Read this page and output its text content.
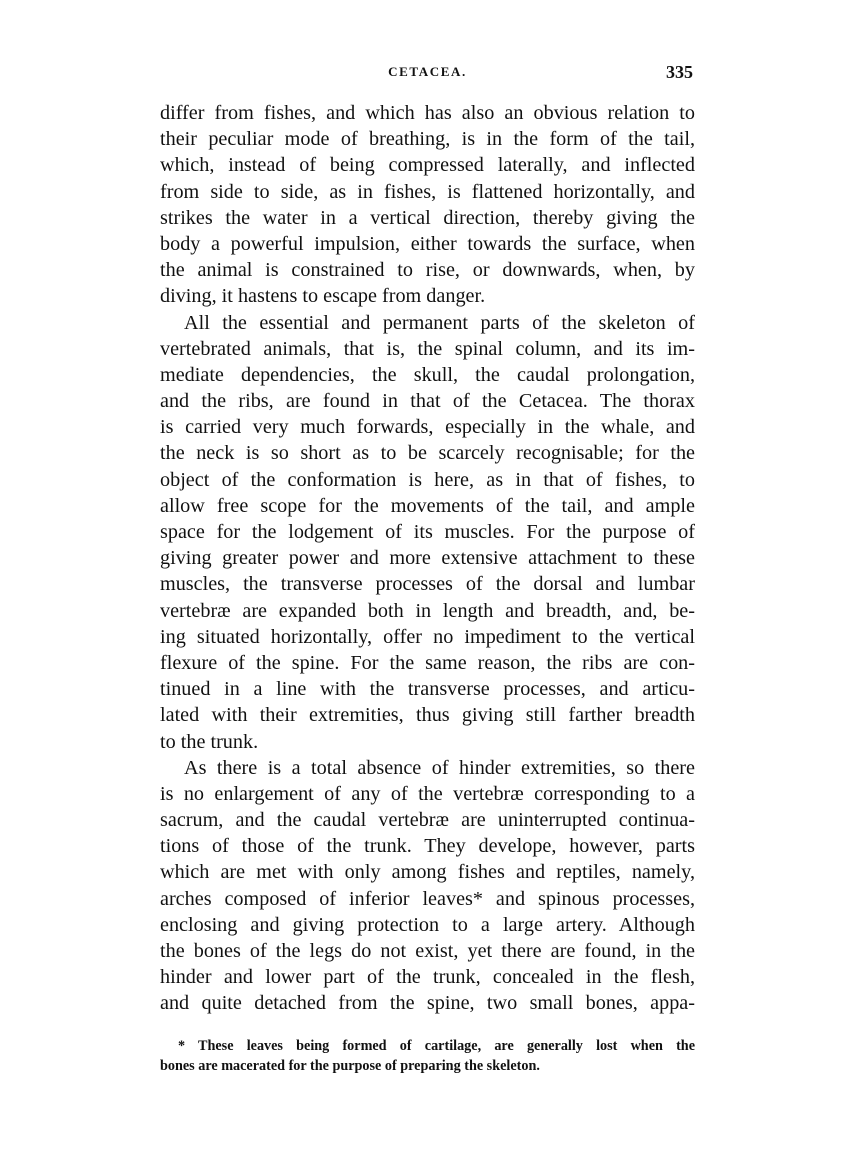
CETACEA.	335
differ from fishes, and which has also an obvious relation to
their peculiar mode of breathing, is in the form of the tail,
which, instead of being compressed laterally, and inflected
from side to side, as in fishes, is flattened horizontally, and
strikes the water in a vertical direction, thereby giving the
body a powerful impulsion, either towards the surface, when
the animal is constrained to rise, or downwards, when, by
diving, it hastens to escape from danger.
All the essential and permanent parts of the skeleton of
vertebrated animals, that is, the spinal column, and its im-
mediate dependencies, the skull, the caudal prolongation,
and the ribs, are found in that of the Cetacea. The thorax
is carried very much forwards, especially in the whale, and
the neck is so short as to be scarcely recognisable; for the
object of the conformation is here, as in that of fishes, to
allow free scope for the movements of the tail, and ample
space for the lodgement of its muscles. For the purpose of
giving greater power and more extensive attachment to these
muscles, the transverse processes of the dorsal and lumbar
vertebræ are expanded both in length and breadth, and, be-
ing situated horizontally, offer no impediment to the vertical
flexure of the spine. For the same reason, the ribs are con-
tinued in a line with the transverse processes, and articu-
lated with their extremities, thus giving still farther breadth
to the trunk.
As there is a total absence of hinder extremities, so there
is no enlargement of any of the vertebræ corresponding to a
sacrum, and the caudal vertebræ are uninterrupted continua-
tions of those of the trunk. They develope, however, parts
which are met with only among fishes and reptiles, namely,
arches composed of inferior leaves* and spinous processes,
enclosing and giving protection to a large artery. Although
the bones of the legs do not exist, yet there are found, in the
hinder and lower part of the trunk, concealed in the flesh,
and quite detached from the spine, two small bones, appa-
* These leaves being formed of cartilage, are generally lost when the
bones are macerated for the purpose of preparing the skeleton.
